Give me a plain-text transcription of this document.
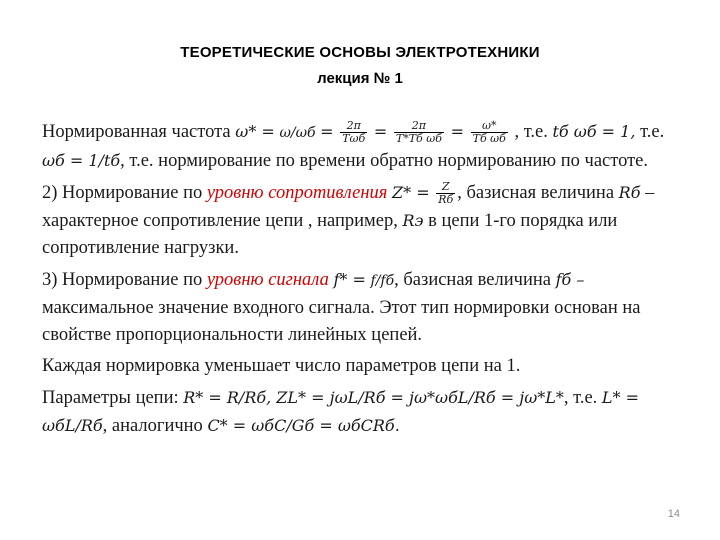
ТЕОРЕТИЧЕСКИЕ ОСНОВЫ ЭЛЕКТРОТЕХНИКИ
лекция № 1

Нормированная частота $\omega* = \omega/\omega б = \frac{2\pi}{\text{Tωб}} = \frac{2\pi}{\text{T*Tб ωб}} = \frac{\omega*}{\text{Tб ωб}}$ , т.е. tб ωб = 1, т.е. ωб = 1/tб, т.е. нормирование по времени обратно нормированию по частоте.

2) Нормирование по уровню сопротивления $Z* = \frac{Z}{Rб}$ , базисная величина Rб – характерное сопротивление цепи , например, Rэ в цепи 1-го порядка или сопротивление нагрузки.

3) Нормирование по уровню сигнала f* = f/fб, базисная величина fб – максимальное значение входного сигнала. Этот тип нормировки основан на свойстве пропорциональности линейных цепей.

Каждая нормировка уменьшает число параметров цепи на 1.

Параметры цепи: R* = R/Rб, ZL* = jωL/Rб = jω*ωбL/Rб = jω*L*, т.е. L* = ωбL/Rб, аналогично C* = ωбC/Gб = ωбCRб.

14
